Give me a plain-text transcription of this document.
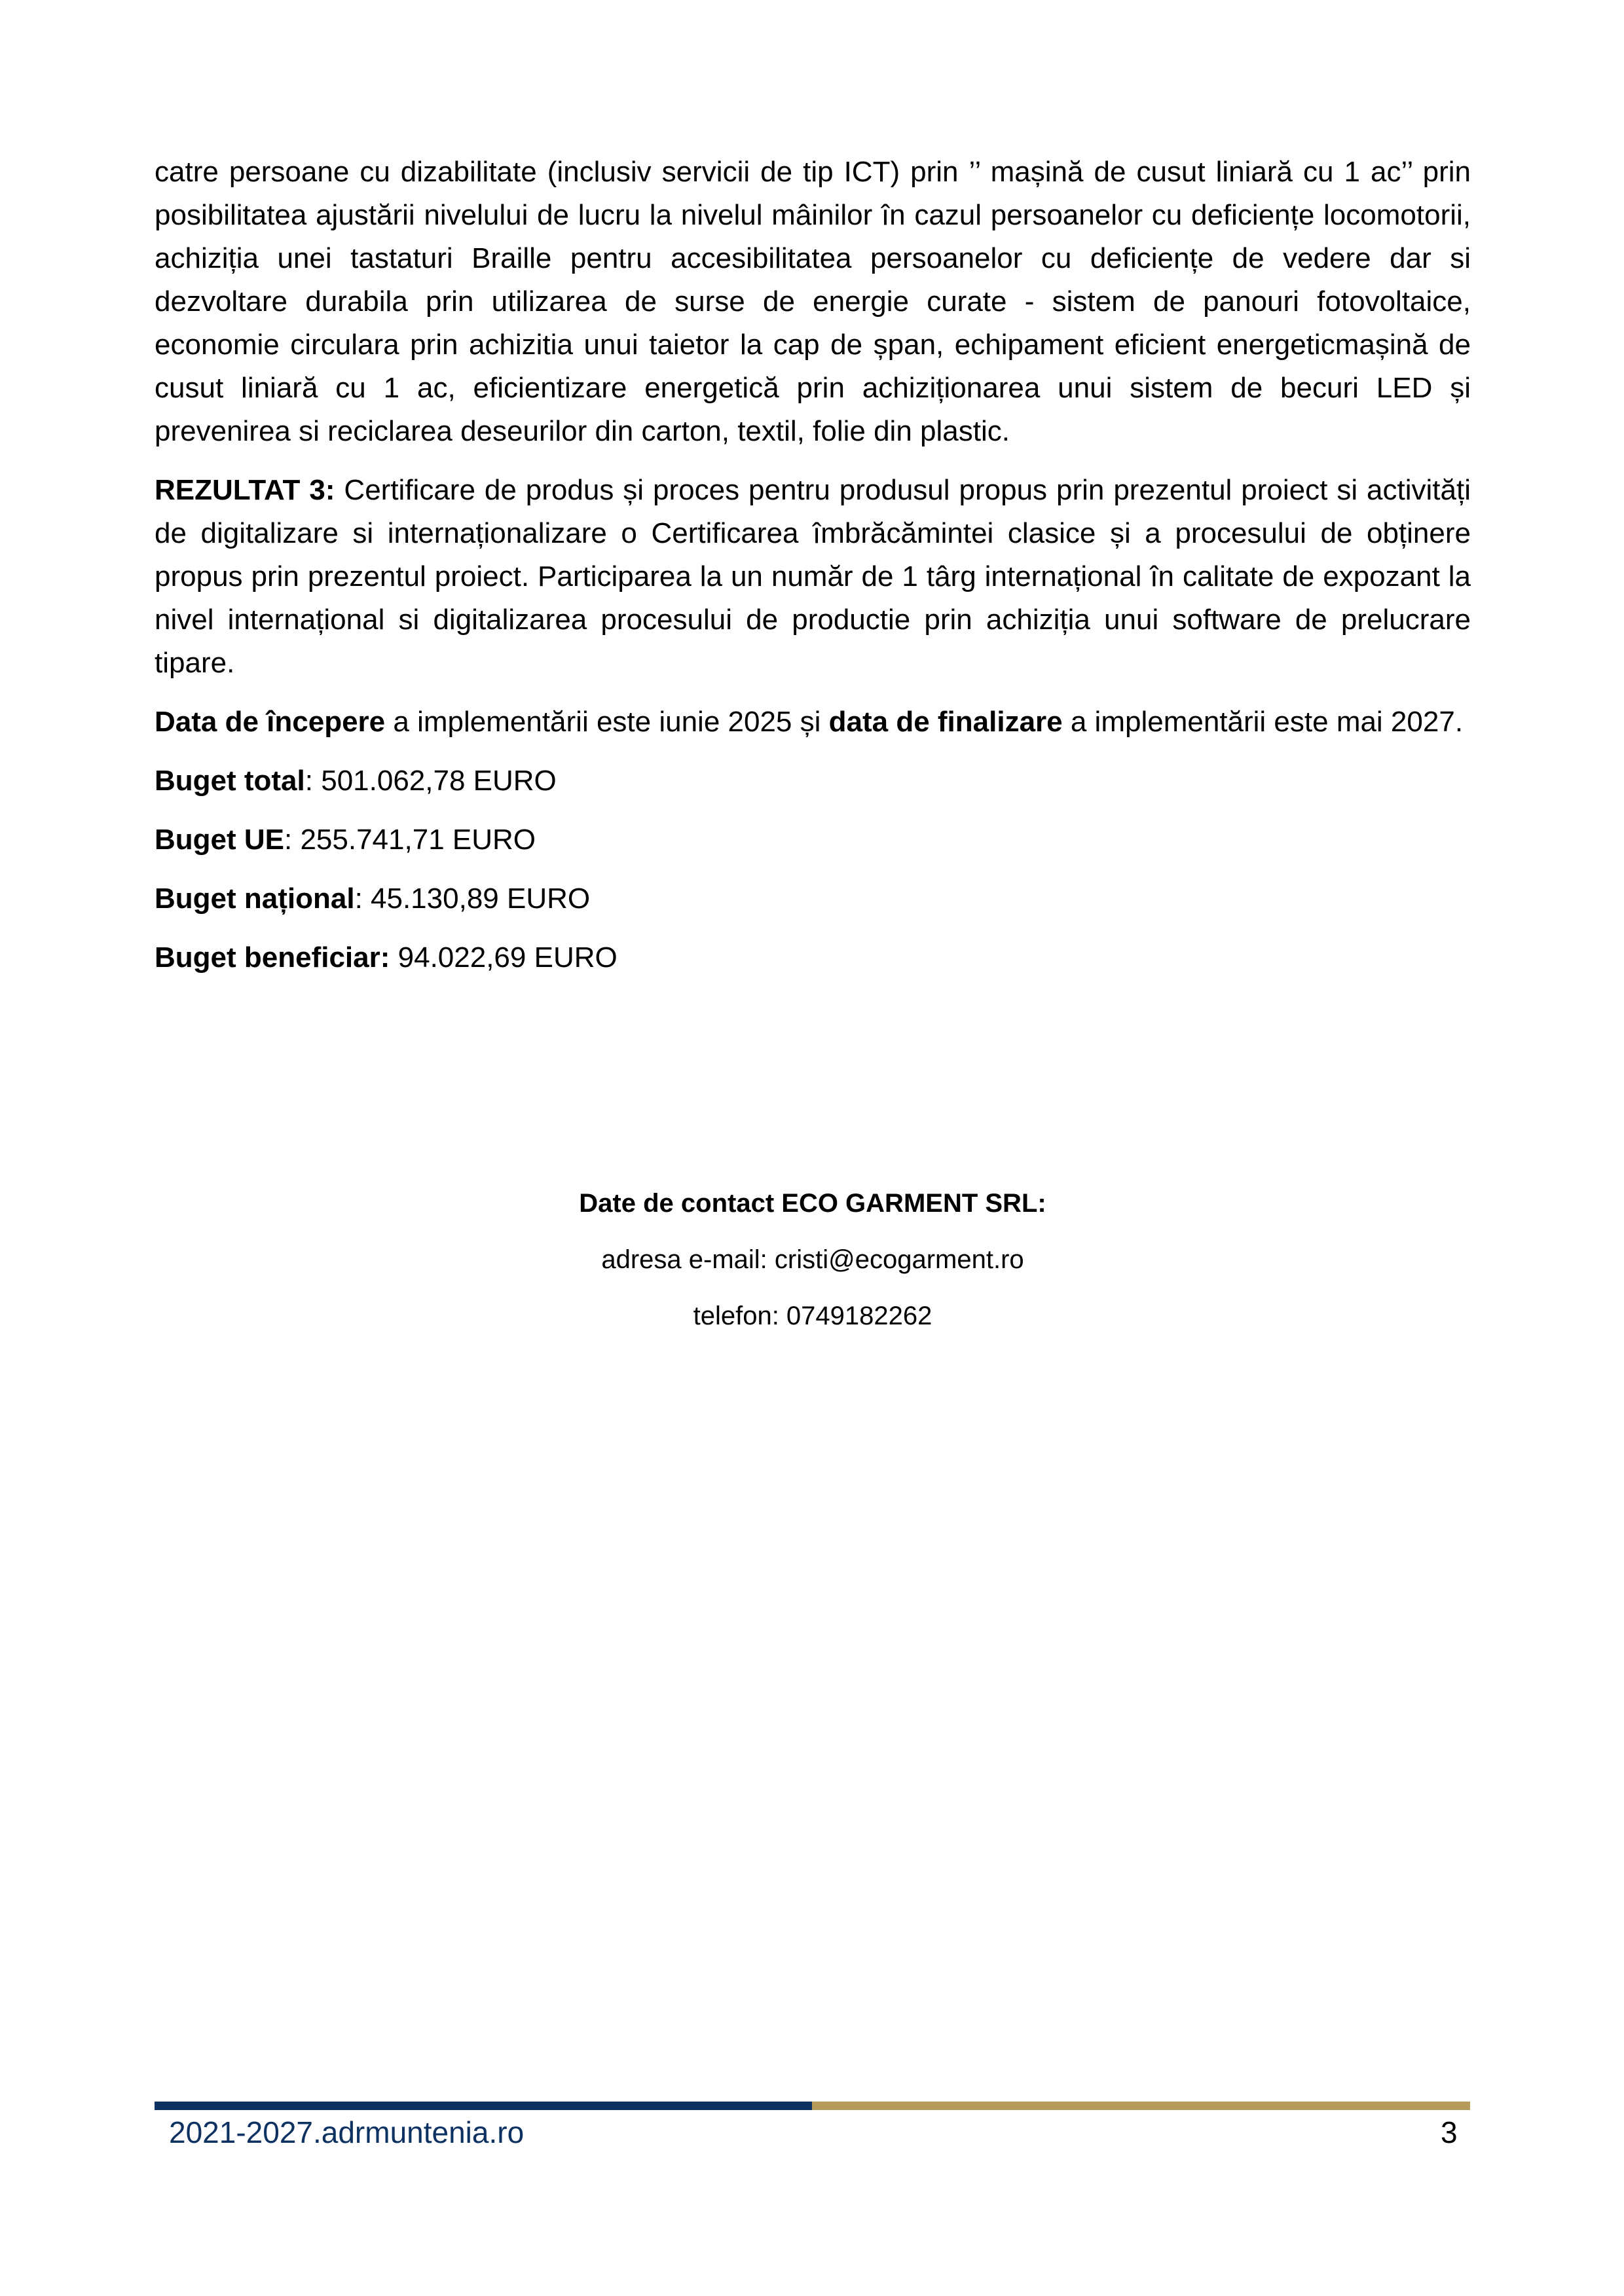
catre persoane cu dizabilitate (inclusiv servicii de tip ICT) prin ’’ mașină de cusut liniară cu 1 ac’’ prin posibilitatea ajustării nivelului de lucru la nivelul mâinilor în cazul persoanelor cu deficiențe locomotorii, achiziția unei tastaturi Braille pentru accesibilitatea persoanelor cu deficiențe de vedere dar si dezvoltare durabila prin utilizarea de surse de energie curate - sistem de panouri fotovoltaice, economie circulara prin achizitia unui taietor la cap de șpan, echipament eficient energeticmașină de cusut liniară cu 1 ac, eficientizare energetică prin achiziționarea unui sistem de becuri LED și prevenirea si reciclarea deseurilor din carton, textil, folie din plastic.

REZULTAT 3: Certificare de produs și proces pentru produsul propus prin prezentul proiect si activități de digitalizare si internaționalizare o Certificarea îmbrăcămintei clasice și a procesului de obținere propus prin prezentul proiect. Participarea la un număr de 1 târg internațional în calitate de expozant la nivel internațional si digitalizarea procesului de productie prin achiziția unui software de prelucrare tipare.

Data de începere a implementării este iunie 2025 și data de finalizare a implementării este mai 2027.

Buget total: 501.062,78 EURO

Buget UE: 255.741,71 EURO

Buget național: 45.130,89 EURO

Buget beneficiar: 94.022,69 EURO

Date de contact ECO GARMENT SRL:
adresa e-mail: cristi@ecogarment.ro
telefon: 0749182262
2021-2027.adrmuntenia.ro	3
